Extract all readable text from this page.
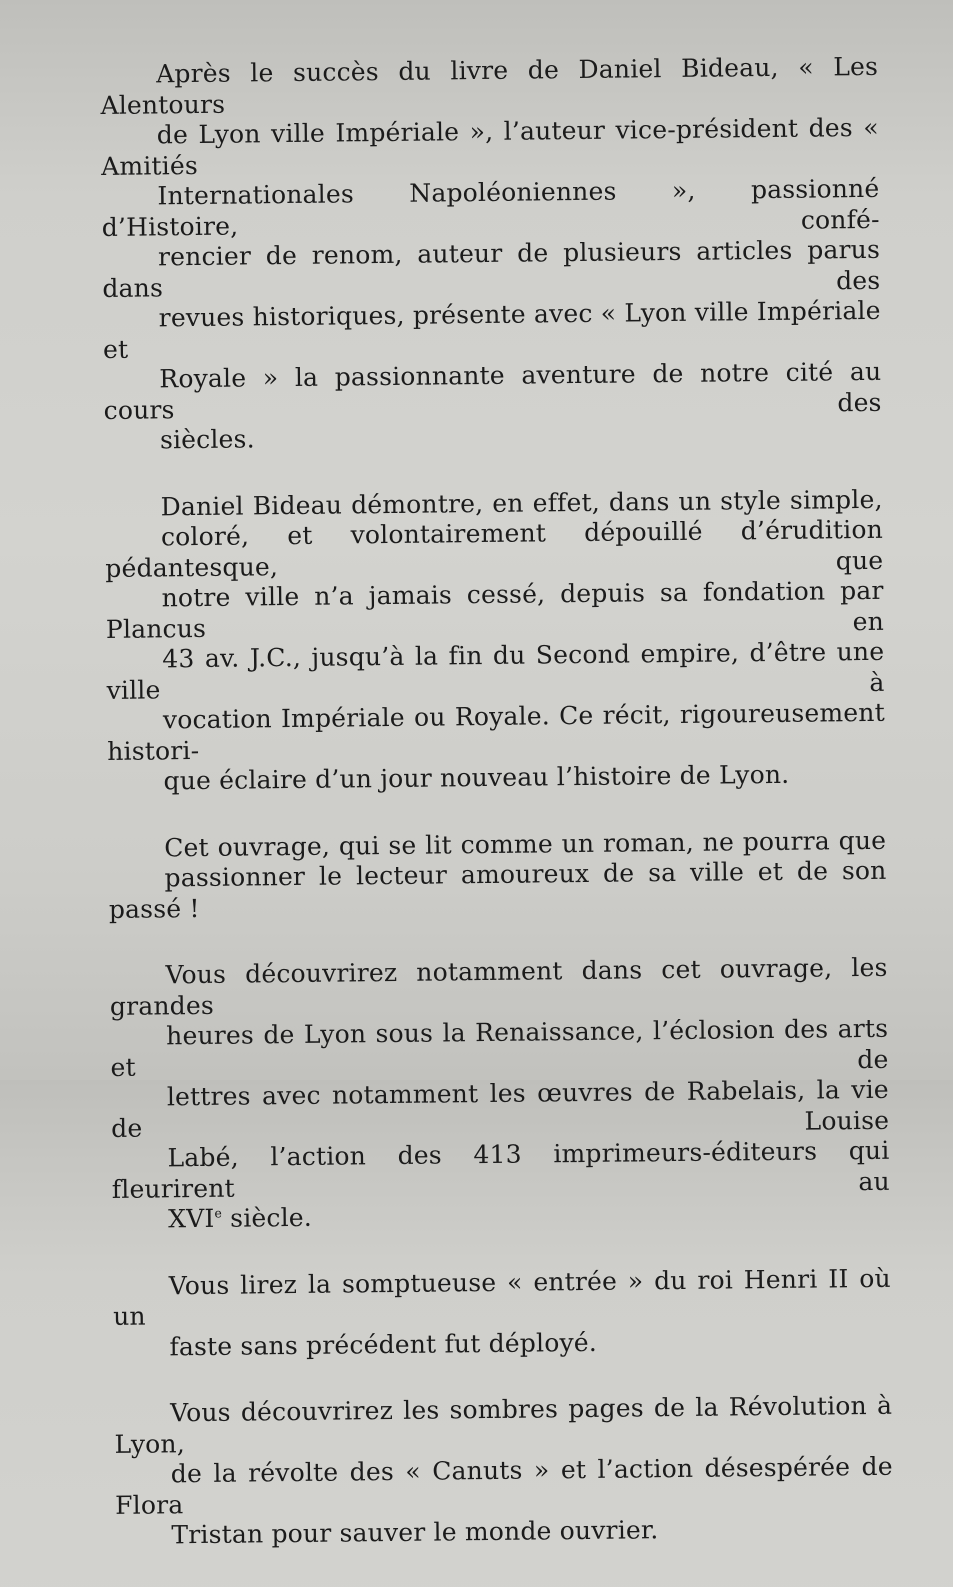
Après le succès du livre de Daniel Bideau, « Les Alentours
de Lyon ville Impériale », l’auteur vice-président des « Amitiés
Internationales Napoléoniennes », passionné d’Histoire, confé-
rencier de renom, auteur de plusieurs articles parus dans des
revues historiques, présente avec « Lyon ville Impériale et
Royale » la passionnante aventure de notre cité au cours des
siècles.

Daniel Bideau démontre, en effet, dans un style simple,
coloré, et volontairement dépouillé d’érudition pédantesque, que
notre ville n’a jamais cessé, depuis sa fondation par Plancus en
43 av. J.C., jusqu’à la fin du Second empire, d’être une ville à
vocation Impériale ou Royale. Ce récit, rigoureusement histori-
que éclaire d’un jour nouveau l’histoire de Lyon.

Cet ouvrage, qui se lit comme un roman, ne pourra que
passionner le lecteur amoureux de sa ville et de son passé !

Vous découvrirez notamment dans cet ouvrage, les grandes
heures de Lyon sous la Renaissance, l’éclosion des arts et de
lettres avec notamment les œuvres de Rabelais, la vie de Louise
Labé, l’action des 413 imprimeurs-éditeurs qui fleurirent au
XVIe siècle.

Vous lirez la somptueuse « entrée » du roi Henri II où un
faste sans précédent fut déployé.

Vous découvrirez les sombres pages de la Révolution à Lyon,
de la révolte des « Canuts » et l’action désespérée de Flora
Tristan pour sauver le monde ouvrier.
